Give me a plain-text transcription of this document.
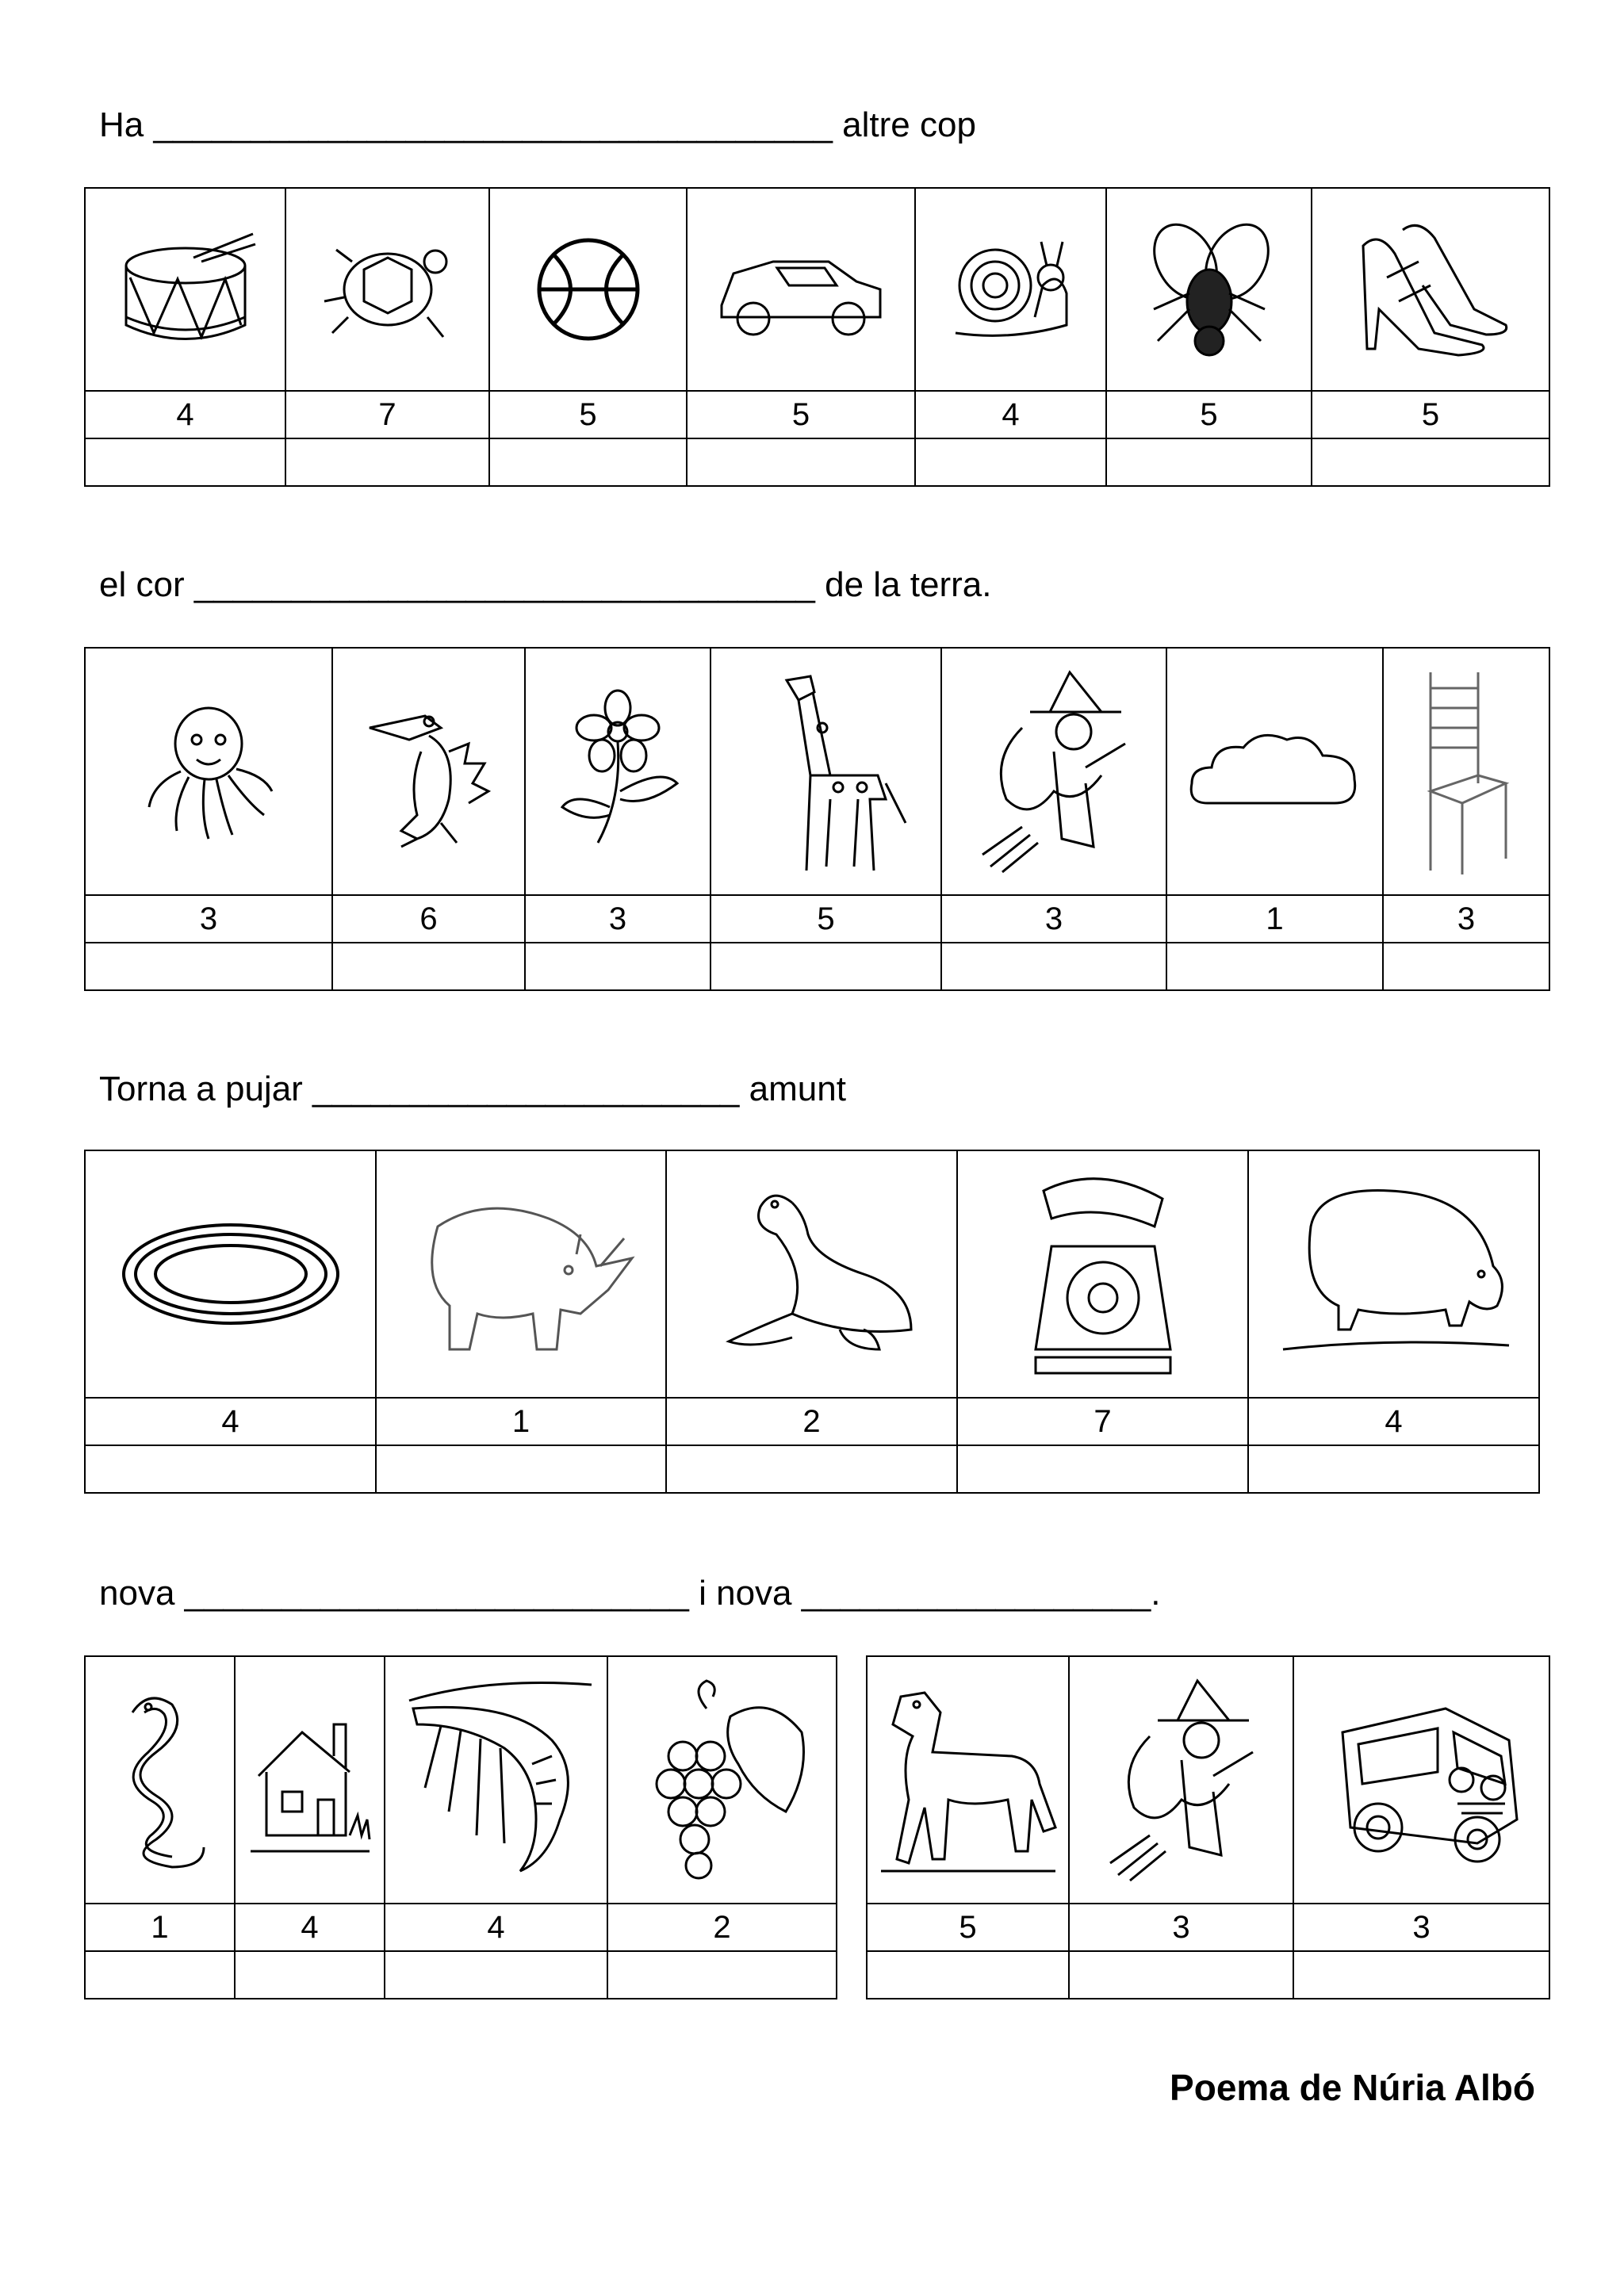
Ha ___________________________________ altre cop

4	7	5	5	4	5	5

el cor ________________________________ de la terra.

3	6	3	5	3	1	3

Torna a pujar ______________________ amunt

4	1	2	7	4

nova __________________________ i nova __________________.

1	4	4	2

		5	3	3

Poema de Núria Albó
